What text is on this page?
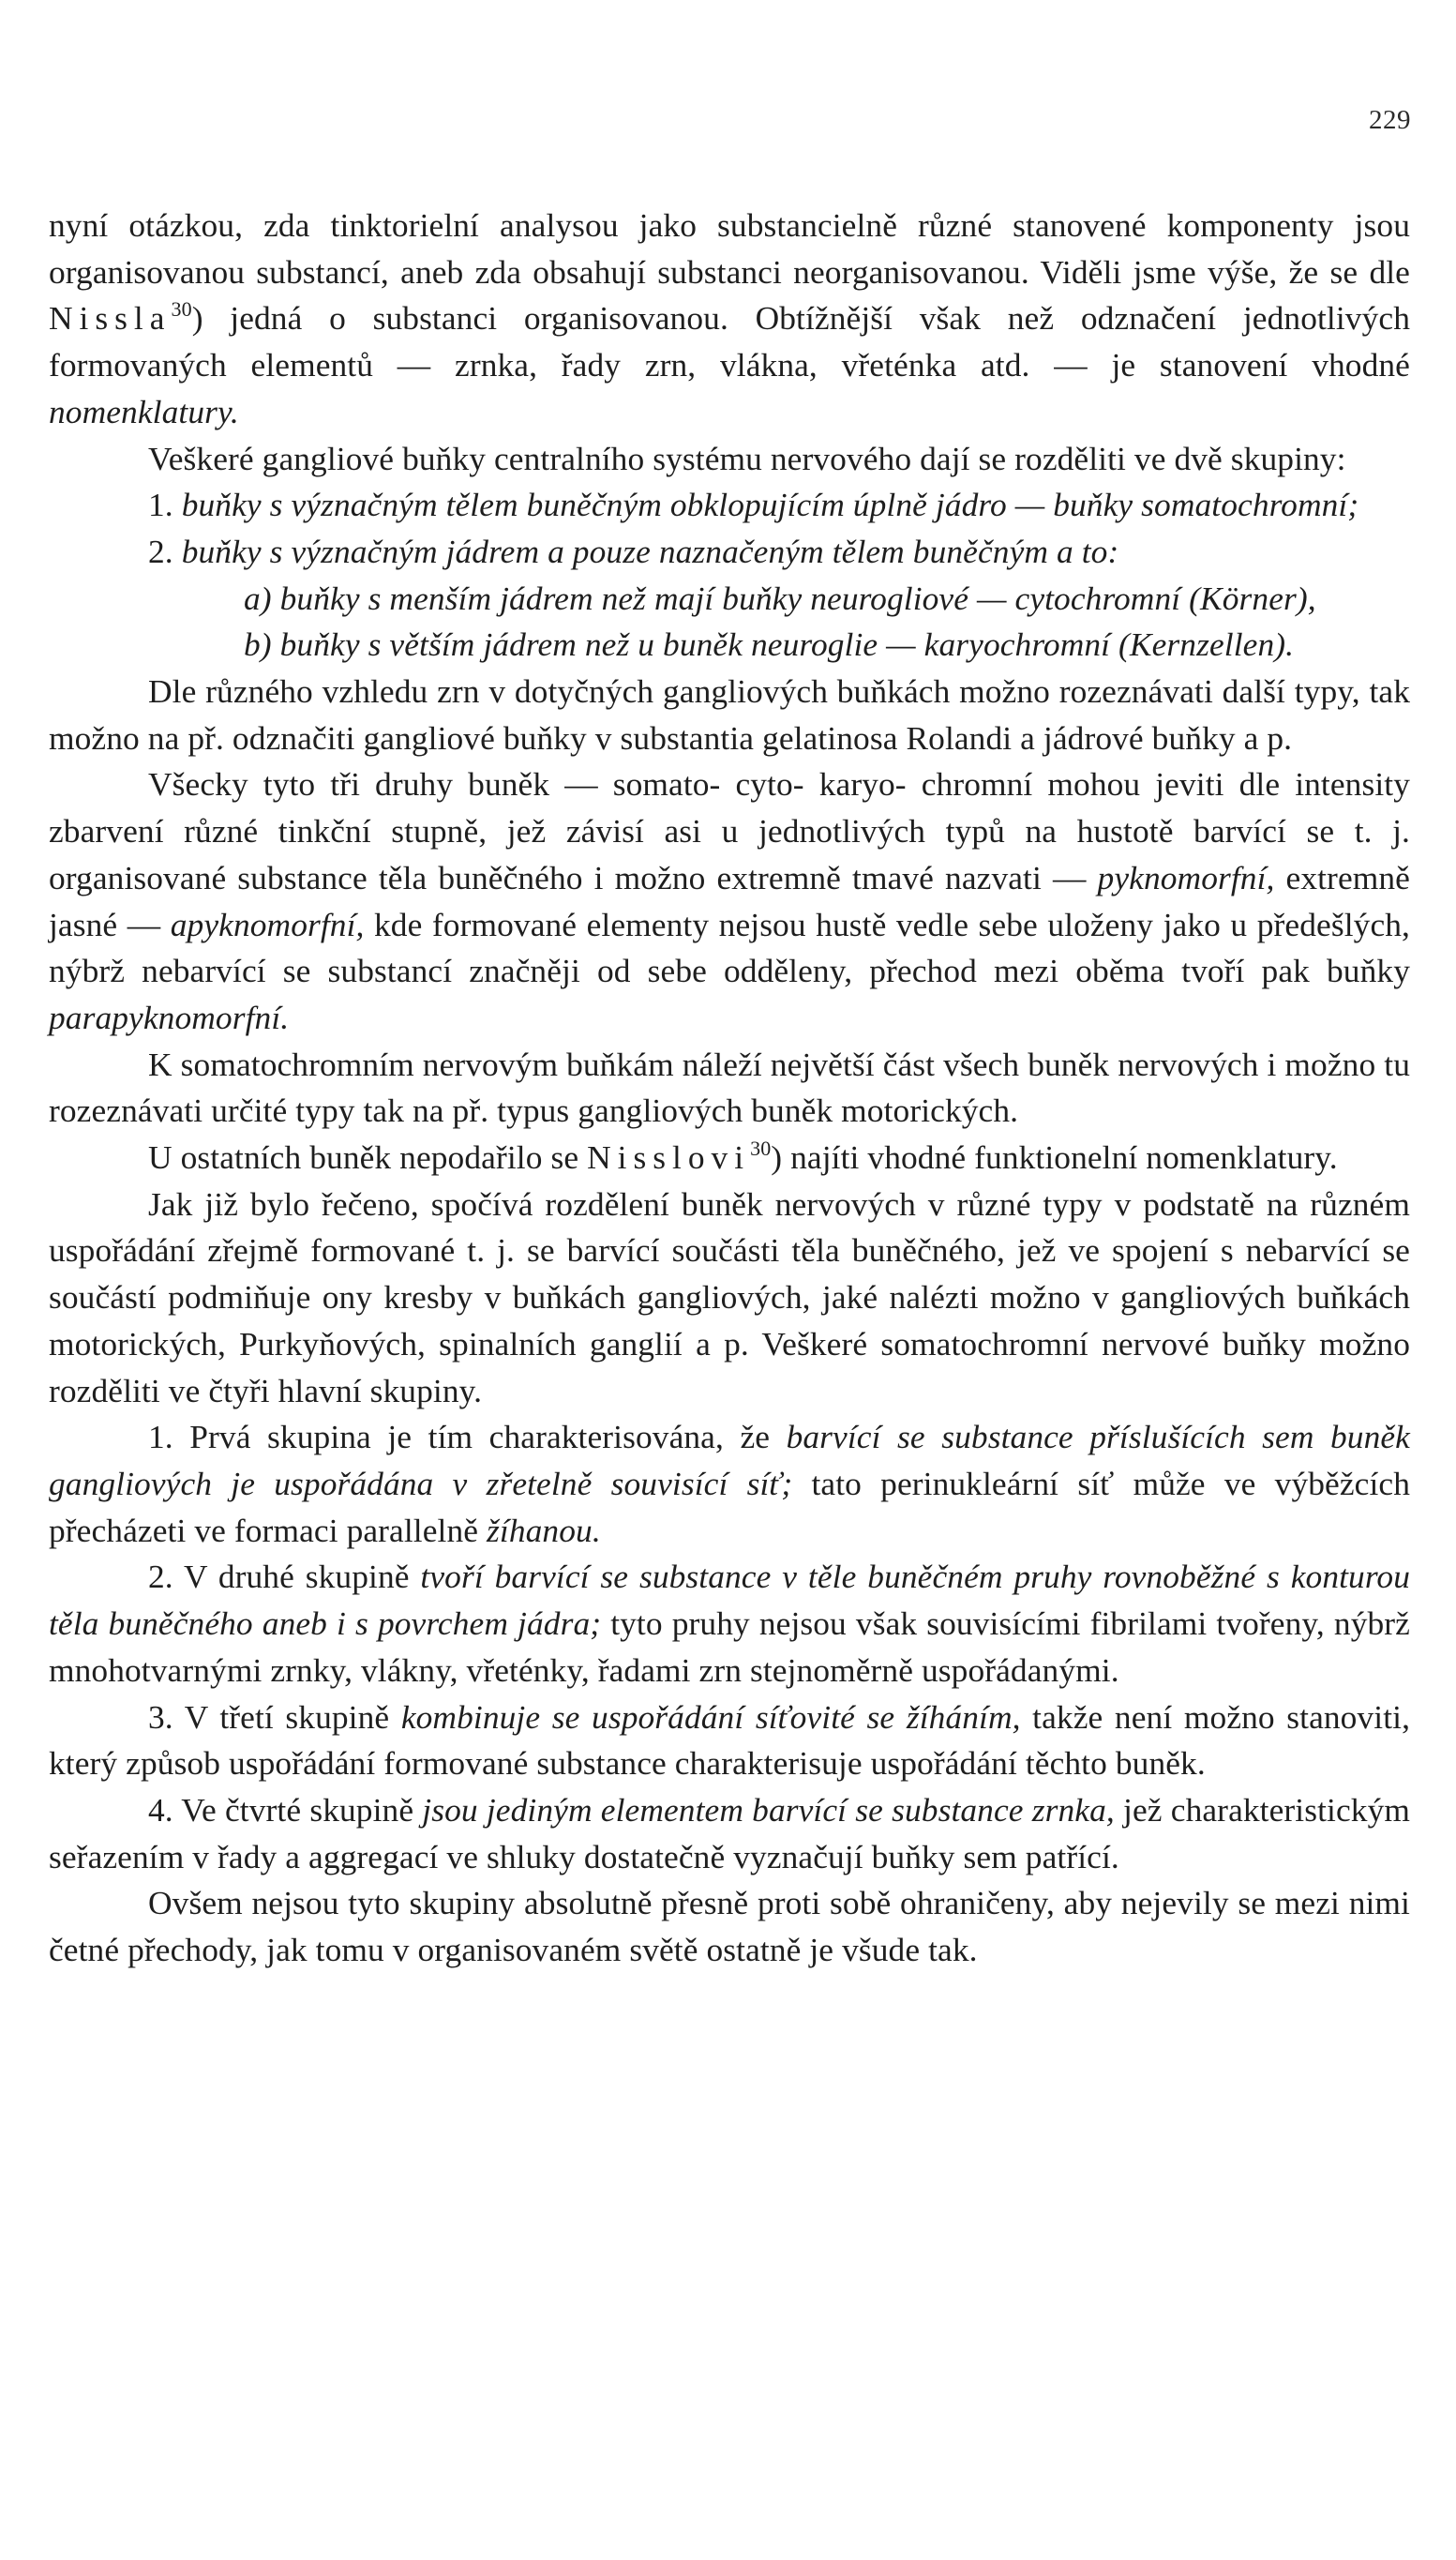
229

nyní otázkou, zda tinktorielní analysou jako substancielně různé stanovené komponenty jsou organisovanou substancí, aneb zda obsahují substanci neorganisovanou. Viděli jsme výše, že se dle Nissla$^{30}$) jedná o substanci organisovanou. Obtížnější však než odznačení jednotlivých formovaných elementů — zrnka, řady zrn, vlákna, vřeténka atd. — je stanovení vhodné nomenklatury.

Veškeré gangliové buňky centralního systému nervového dají se rozděliti ve dvě skupiny:

1. buňky s význačným tělem buněčným obklopujícím úplně jádro — buňky somatochromní;

2. buňky s význačným jádrem a pouze naznačeným tělem buněčným a to:

a) buňky s menším jádrem než mají buňky neurogliové — cytochromní (Körner),

b) buňky s větším jádrem než u buněk neuroglie — karyochromní (Kernzellen).

Dle různého vzhledu zrn v dotyčných gangliových buňkách možno rozeznávati další typy, tak možno na př. odznačiti gangliové buňky v substantia gelatinosa Rolandi a jádrové buňky a p.

Všecky tyto tři druhy buněk — somato- cyto- karyo- chromní mohou jeviti dle intensity zbarvení různé tinkční stupně, jež závisí asi u jednotlivých typů na hustotě barvící se t. j. organisované substance těla buněčného i možno extremně tmavé nazvati — pyknomorfní, extremně jasné — apyknomorfní, kde formované elementy nejsou hustě vedle sebe uloženy jako u předešlých, nýbrž nebarvící se substancí značněji od sebe odděleny, přechod mezi oběma tvoří pak buňky parapyknomorfní.

K somatochromním nervovým buňkám náleží největší část všech buněk nervových i možno tu rozeznávati určité typy tak na př. typus gangliových buněk motorických.

U ostatních buněk nepodařilo se Nisslovi$^{30}$) najíti vhodné funktionelní nomenklatury.

Jak již bylo řečeno, spočívá rozdělení buněk nervových v různé typy v podstatě na různém uspořádání zřejmě formované t. j. se barvící součásti těla buněčného, jež ve spojení s nebarvící se součástí podmiňuje ony kresby v buňkách gangliových, jaké nalézti možno v gangliových buňkách motorických, Purkyňových, spinalních ganglií a p. Veškeré somatochromní nervové buňky možno rozděliti ve čtyři hlavní skupiny.

1. Prvá skupina je tím charakterisována, že barvící se substance příslušících sem buněk gangliových je uspořádána v zřetelně souvisící síť; tato perinukleární síť může ve výběžcích přecházeti ve formaci parallelně žíhanou.

2. V druhé skupině tvoří barvící se substance v těle buněčném pruhy rovnoběžné s konturou těla buněčného aneb i s povrchem jádra; tyto pruhy nejsou však souvisícími fibrilami tvořeny, nýbrž mnohotvarnými zrnky, vlákny, vřeténky, řadami zrn stejnoměrně uspořádanými.

3. V třetí skupině kombinuje se uspořádání síťovité se žíháním, takže není možno stanoviti, který způsob uspořádání formované substance charakterisuje uspořádání těchto buněk.

4. Ve čtvrté skupině jsou jediným elementem barvící se substance zrnka, jež charakteristickým seřazením v řady a aggregací ve shluky dostatečně vyznačují buňky sem patřící.

Ovšem nejsou tyto skupiny absolutně přesně proti sobě ohraničeny, aby nejevily se mezi nimi četné přechody, jak tomu v organisovaném světě ostatně je všude tak.
